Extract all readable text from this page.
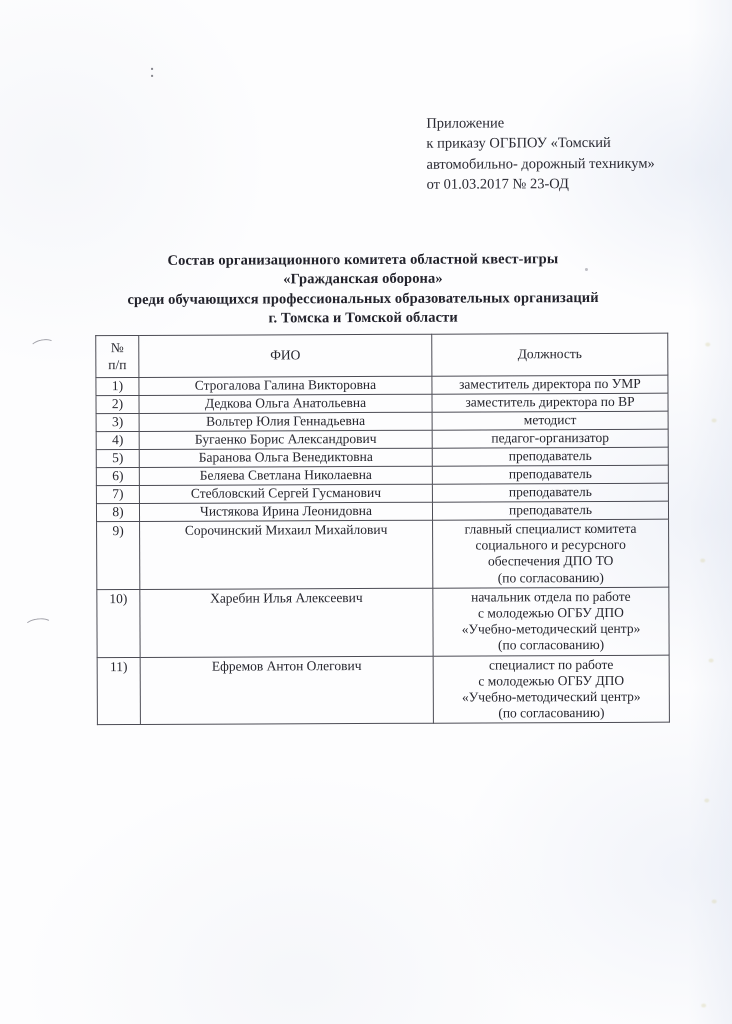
Приложение
к приказу ОГБПОУ «Томский
автомобильно- дорожный техникум»
от 01.03.2017 № 23-ОД
Состав организационного комитета областной квест-игры
«Гражданская оборона»
среди обучающихся профессиональных образовательных организаций
г. Томска и Томской области
№
п/п	ФИО	Должность
1)	Строгалова Галина Викторовна	заместитель директора по УМР
2)	Дедкова Ольга Анатольевна	заместитель директора по ВР
3)	Вольтер Юлия Геннадьевна	методист
4)	Бугаенко Борис Александрович	педагог-организатор
5)	Баранова Ольга Венедиктовна	преподаватель
6)	Беляева Светлана Николаевна	преподаватель
7)	Стебловский Сергей Гусманович	преподаватель
8)	Чистякова Ирина Леонидовна	преподаватель
9)	Сорочинский Михаил Михайлович	главный специалист комитета
социального и ресурсного
обеспечения ДПО ТО
(по согласованию)
10)	Харебин Илья Алексеевич	начальник отдела по работе
с молодежью ОГБУ ДПО
«Учебно-методический центр»
(по согласованию)
11)	Ефремов Антон Олегович	специалист по работе
с молодежью ОГБУ ДПО
«Учебно-методический центр»
(по согласованию)
